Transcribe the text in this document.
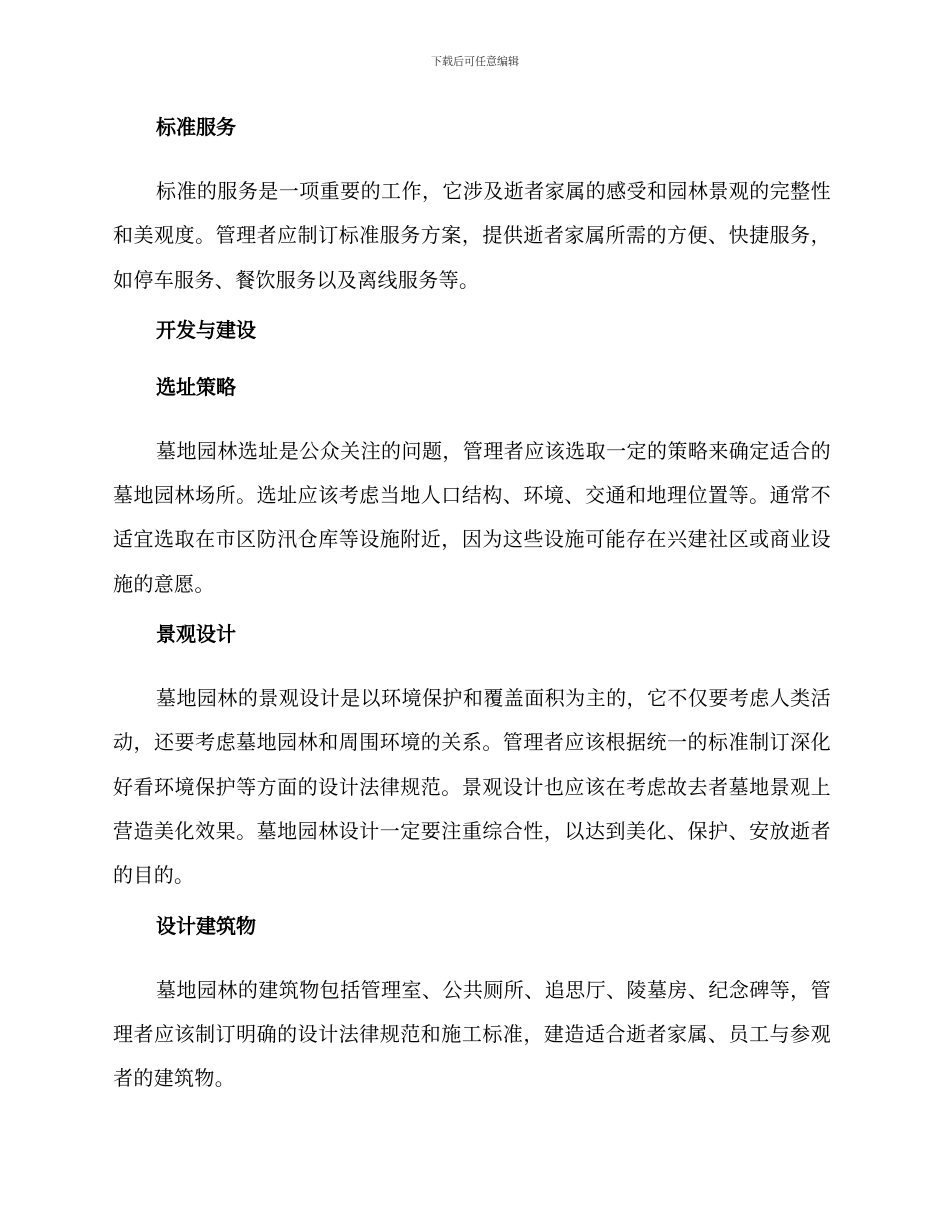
下载后可任意编辑
标准服务

标准的服务是一项重要的工作，它涉及逝者家属的感受和园林景观的完整性和美观度。管理者应制订标准服务方案，提供逝者家属所需的方便、快捷服务，如停车服务、餐饮服务以及离线服务等。

开发与建设
选址策略

墓地园林选址是公众关注的问题，管理者应该选取一定的策略来确定适合的墓地园林场所。选址应该考虑当地人口结构、环境、交通和地理位置等。通常不适宜选取在市区防汛仓库等设施附近，因为这些设施可能存在兴建社区或商业设施的意愿。

景观设计

墓地园林的景观设计是以环境保护和覆盖面积为主的，它不仅要考虑人类活动，还要考虑墓地园林和周围环境的关系。管理者应该根据统一的标准制订深化好看环境保护等方面的设计法律规范。景观设计也应该在考虑故去者墓地景观上营造美化效果。墓地园林设计一定要注重综合性，以达到美化、保护、安放逝者的目的。

设计建筑物

墓地园林的建筑物包括管理室、公共厕所、追思厅、陵墓房、纪念碑等，管理者应该制订明确的设计法律规范和施工标准，建造适合逝者家属、员工与参观者的建筑物。
